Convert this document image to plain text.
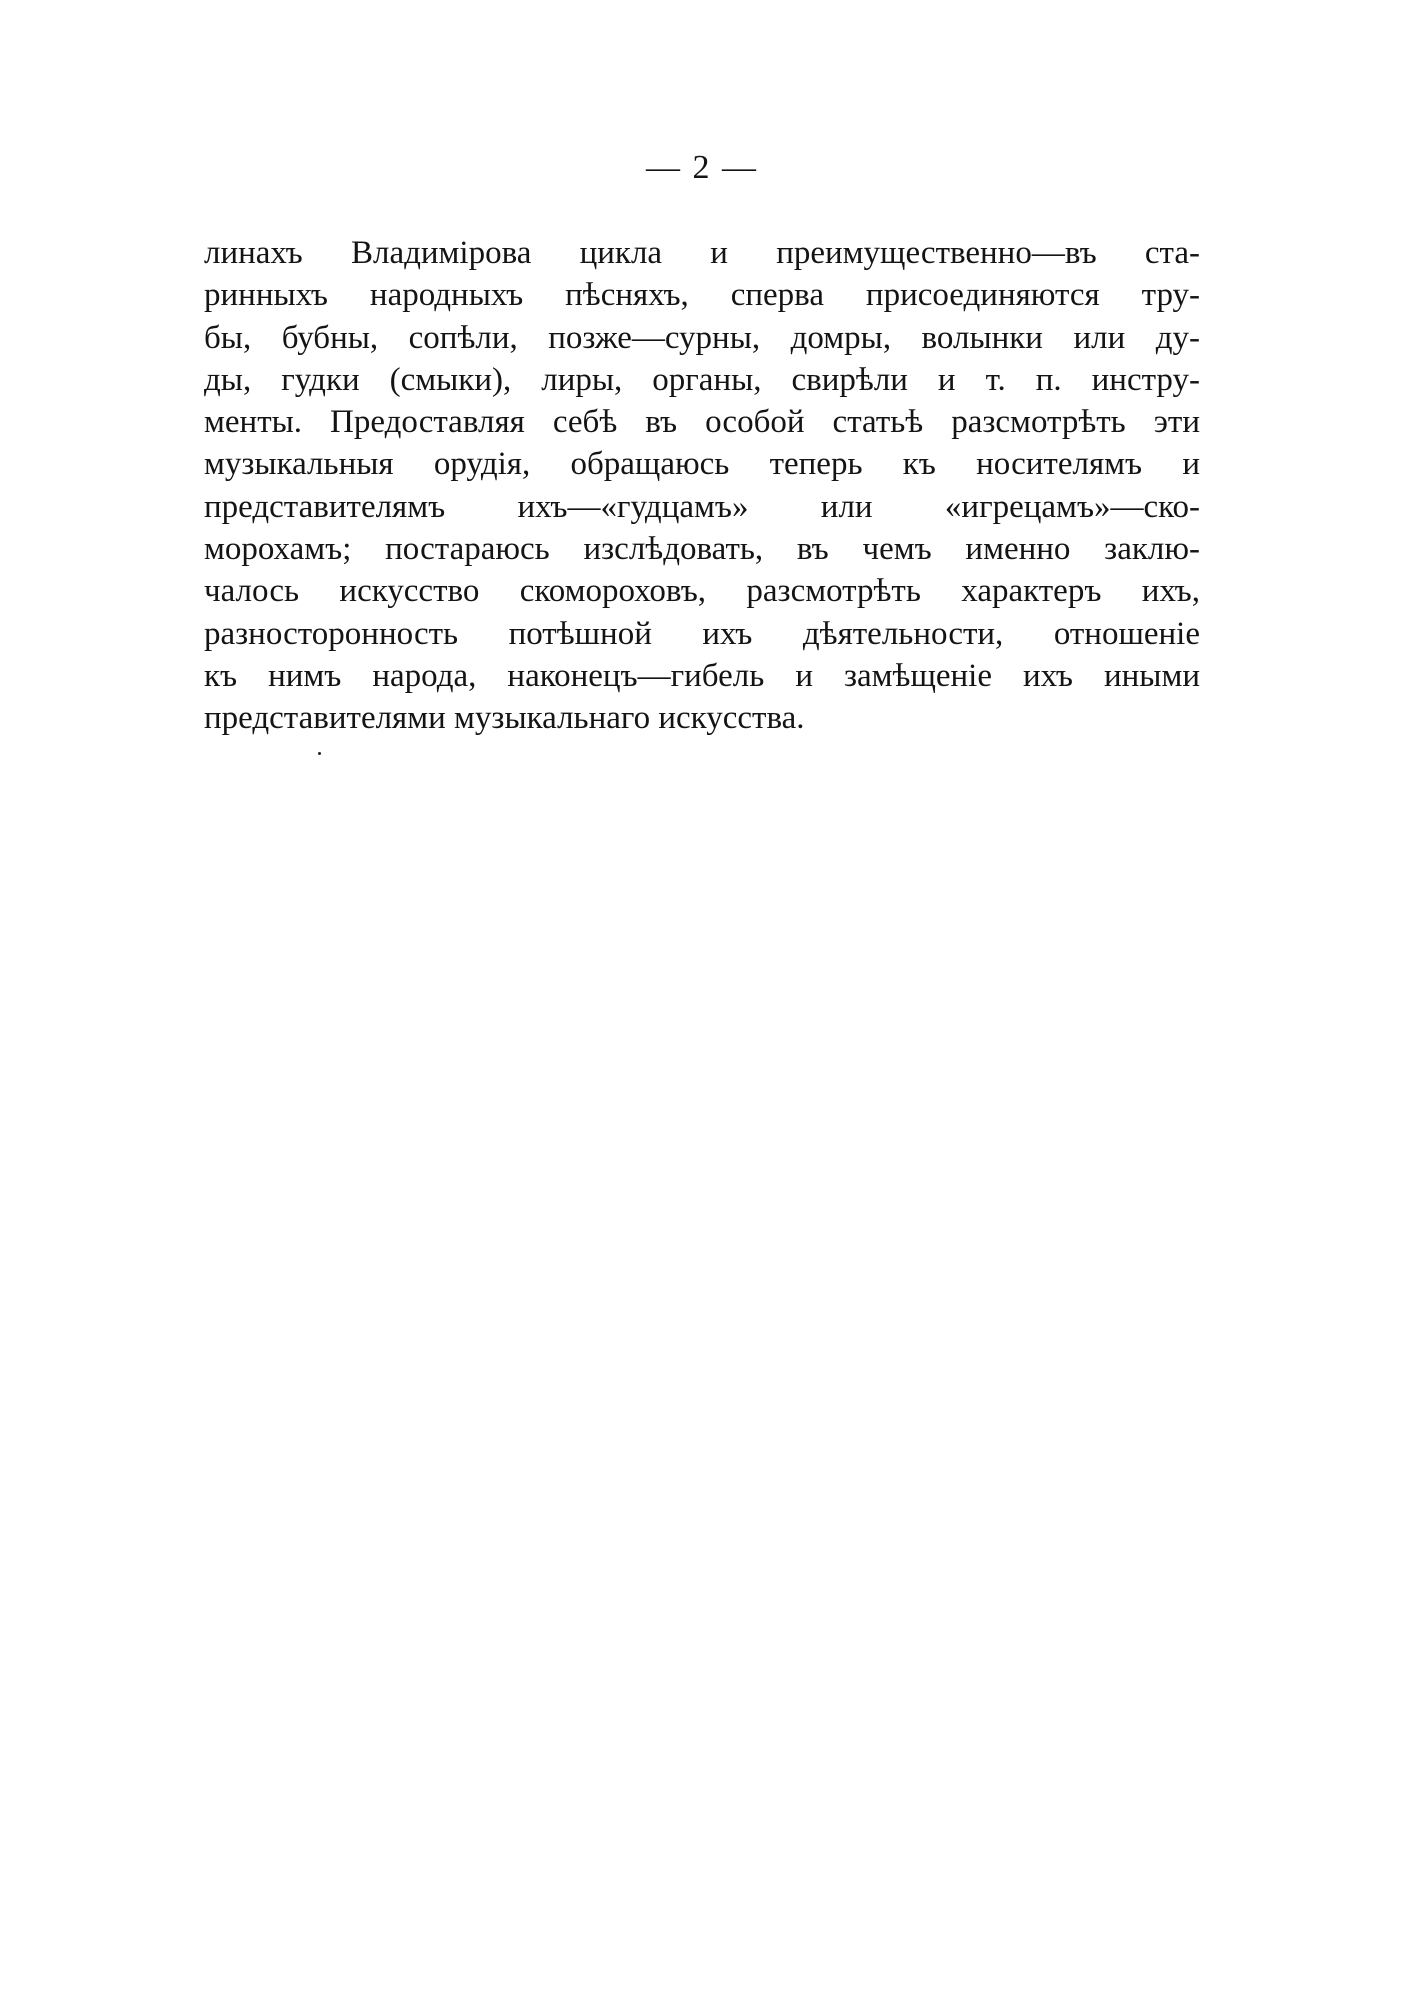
— 2 —
линахъ Владимірова цикла и преимущественно—въ ста-
ринныхъ народныхъ пѣсняхъ, сперва присоединяются тру-
бы, бубны, сопѣли, позже—сурны, домры, волынки или ду-
ды, гудки (смыки), лиры, органы, свирѣли и т. п. инстру-
менты. Предоставляя себѣ въ особой статьѣ разсмотрѣть эти
музыкальныя орудія, обращаюсь теперь къ носителямъ и
представителямъ ихъ—«гудцамъ» или «игрецамъ»—ско-
морохамъ; постараюсь изслѣдовать, въ чемъ именно заклю-
чалось искусство скомороховъ, разсмотрѣть характеръ ихъ,
разносторонность потѣшной ихъ дѣятельности, отношеніе
къ нимъ народа, наконецъ—гибель и замѣщеніе ихъ иными
представителями музыкальнаго искусства.
